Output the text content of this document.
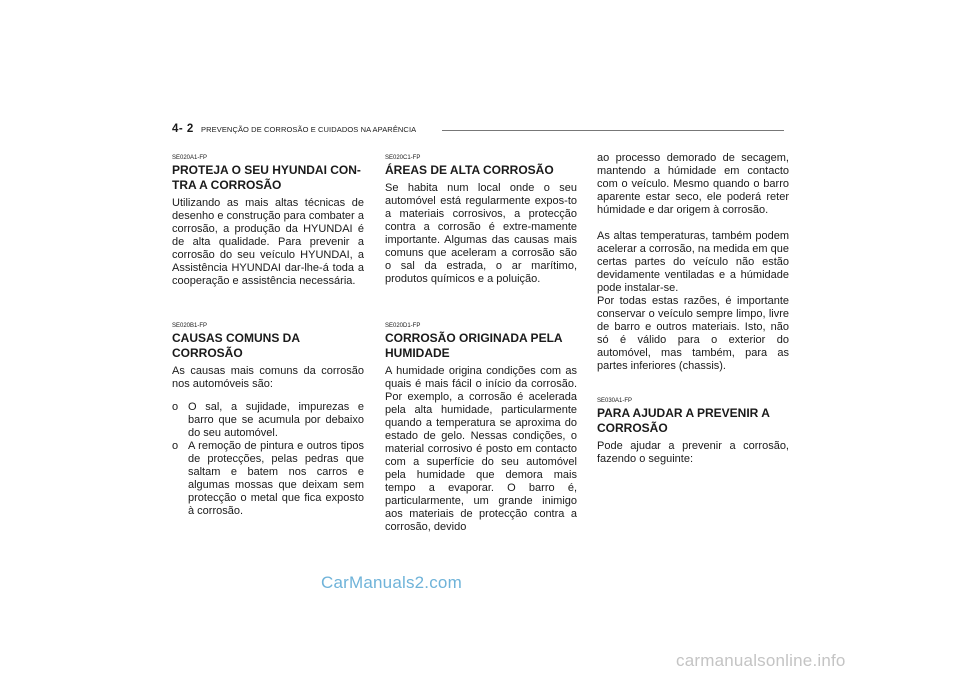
4- 2 PREVENÇÃO DE CORROSÃO E CUIDADOS NA APARÊNCIA
SE020A1-FP
PROTEJA O SEU HYUNDAI CON-TRA A CORROSÃO

Utilizando as mais altas técnicas de desenho e construção para combater a corrosão, a produção da HYUNDAI é de alta qualidade. Para prevenir a corrosão do seu veículo HYUNDAI, a Assistência HYUNDAI dar-lhe-á toda a cooperação e assistência necessária.

SE020B1-FP
CAUSAS COMUNS DA CORROSÃO

As causas mais comuns da corrosão nos automóveis são:

o O sal, a sujidade, impurezas e barro que se acumula por debaixo do seu automóvel.
o A remoção de pintura e outros tipos de protecções, pelas pedras que saltam e batem nos carros e algumas mossas que deixam sem protecção o metal que fica exposto à corrosão.
SE020C1-FP
ÁREAS DE ALTA CORROSÃO

Se habita num local onde o seu automóvel está regularmente expos-to a materiais corrosivos, a protecção contra a corrosão é extre-mamente importante. Algumas das causas mais comuns que aceleram a corrosão são o sal da estrada, o ar marítimo, produtos químicos e a poluição.

SE020D1-FP
CORROSÃO ORIGINADA PELA HUMIDADE

A humidade origina condições com as quais é mais fácil o início da corrosão. Por exemplo, a corrosão é acelerada pela alta humidade, particularmente quando a temperatura se aproxima do estado de gelo. Nessas condições, o material corrosivo é posto em contacto com a superfície do seu automóvel pela humidade que demora mais tempo a evaporar. O barro é, particularmente, um grande inimigo aos materiais de protecção contra a corrosão, devido

ao processo demorado de secagem, mantendo a húmidade em contacto com o veículo. Mesmo quando o barro aparente estar seco, ele poderá reter húmidade e dar origem à corrosão.

As altas temperaturas, também podem acelerar a corrosão, na medida em que certas partes do veículo não estão devidamente ventiladas e a húmidade pode instalar-se.

Por todas estas razões, é importante conservar o veículo sempre limpo, livre de barro e outros materiais. Isto, não só é válido para o exterior do automóvel, mas também, para as partes inferiores (chassis).

SE030A1-FP
PARA AJUDAR A PREVENIR A CORROSÃO

Pode ajudar a prevenir a corrosão, fazendo o seguinte:

CarManuals2.com
carmanualsonline.info
